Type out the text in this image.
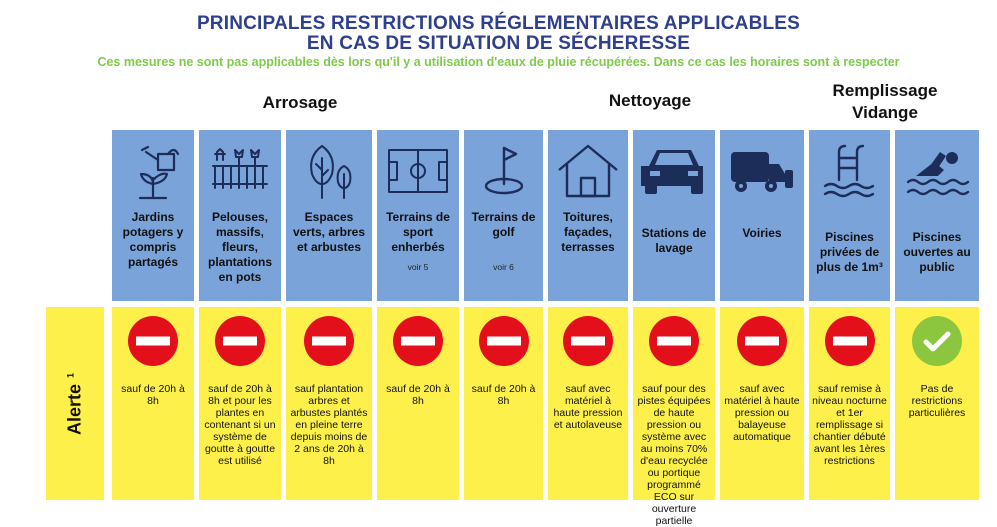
PRINCIPALES RESTRICTIONS RÉGLEMENTAIRES APPLICABLES
EN CAS DE SITUATION DE SÉCHERESSE
Ces mesures ne sont pas applicables dès lors qu'il y a utilisation d'eaux de pluie récupérées. Dans ce cas les horaires sont à respecter
Arrosage	Nettoyage
Remplissage
Vidange
Alerte$^1$
Jardins potagers y compris partagés
sauf de 20h à 8h
Pelouses, massifs, fleurs, plantations en pots
sauf de 20h à 8h et pour les plantes en contenant si un système de goutte à goutte est utilisé
Espaces verts, arbres et arbustes
sauf plantation arbres et arbustes plantés en pleine terre depuis moins de 2 ans de 20h à 8h
Terrains de sport enherbés
voir 5
sauf de 20h à 8h
Terrains de golf
voir 6
sauf de 20h à 8h
Toitures, façades, terrasses
sauf avec matériel à haute pression et autolaveuse
Stations de lavage
sauf pour des pistes équipées de haute pression ou système avec au moins 70% d'eau recyclée ou portique programmé ECO sur ouverture partielle
Voiries
sauf avec matériel à haute pression ou balayeuse automatique
Piscines privées de plus de 1m³
sauf remise à niveau nocturne et 1er remplissage si chantier débuté avant les 1ères restrictions
Piscines ouvertes au public
Pas de restrictions particulières
